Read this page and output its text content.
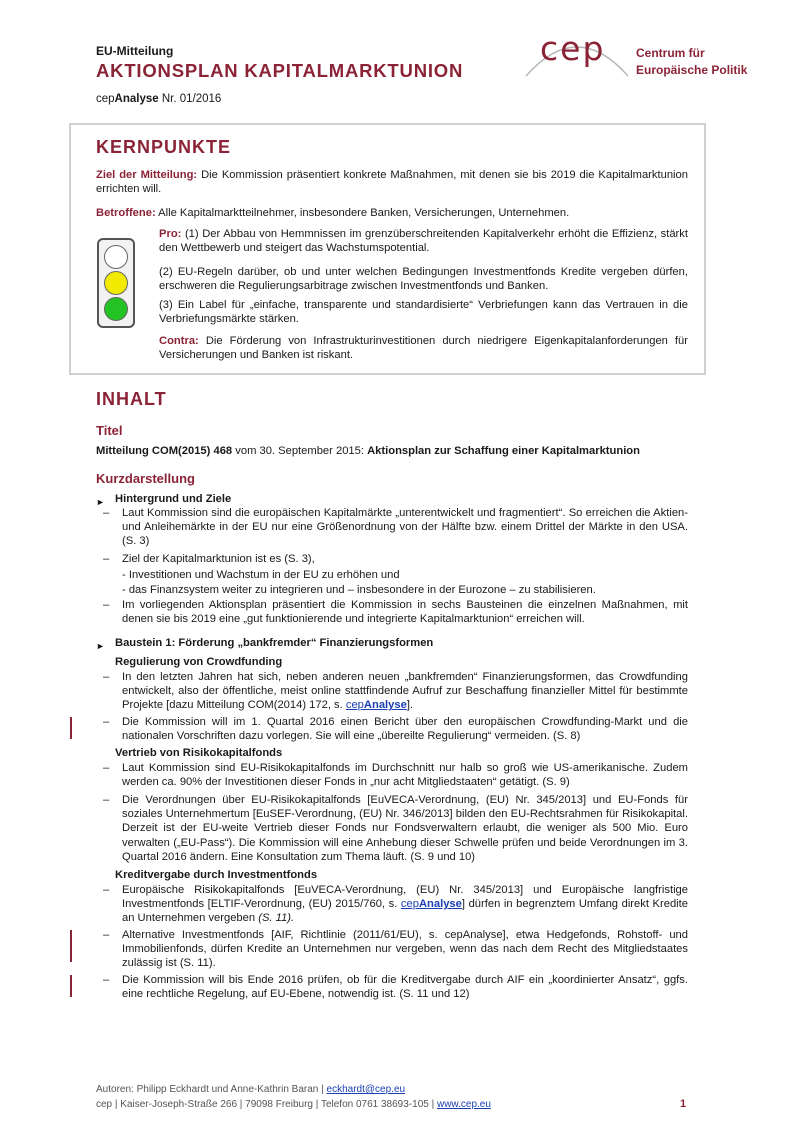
EU-Mitteilung
AKTIONSPLAN KAPITALMARKTUNION
cepAnalyse Nr. 01/2016
cep	Centrum für
Europäische Politik
KERNPUNKTE
Ziel der Mitteilung: Die Kommission präsentiert konkrete Maßnahmen, mit denen sie bis 2019 die Kapitalmarktunion errichten will.
Betroffene: Alle Kapitalmarktteilnehmer, insbesondere Banken, Versicherungen, Unternehmen.
Pro: (1) Der Abbau von Hemmnissen im grenzüberschreitenden Kapitalverkehr erhöht die Effizienz, stärkt den Wettbewerb und steigert das Wachstumspotential.
(2) EU-Regeln darüber, ob und unter welchen Bedingungen Investmentfonds Kredite vergeben dürfen, erschweren die Regulierungsarbitrage zwischen Investmentfonds und Banken.
(3) Ein Label für „einfache, transparente und standardisierte“ Verbriefungen kann das Vertrauen in die Verbriefungsmärkte stärken.
Contra: Die Förderung von Infrastrukturinvestitionen durch niedrigere Eigenkapitalanforderungen für Versicherungen und Banken ist riskant.
INHALT
Titel
Mitteilung COM(2015) 468 vom 30. September 2015: Aktionsplan zur Schaffung einer Kapitalmarktunion
Kurzdarstellung
► Hintergrund und Ziele
– Laut Kommission sind die europäischen Kapitalmärkte „unterentwickelt und fragmentiert“. So erreichen die Aktien- und Anleihemärkte in der EU nur eine Größenordnung von der Hälfte bzw. einem Drittel der Märkte in den USA. (S. 3)
– Ziel der Kapitalmarktunion ist es (S. 3),
- Investitionen und Wachstum in der EU zu erhöhen und
- das Finanzsystem weiter zu integrieren und – insbesondere in der Eurozone – zu stabilisieren.
– Im vorliegenden Aktionsplan präsentiert die Kommission in sechs Bausteinen die einzelnen Maßnahmen, mit denen sie bis 2019 eine „gut funktionierende und integrierte Kapitalmarktunion“ erreichen will.
► Baustein 1: Förderung „bankfremder“ Finanzierungsformen
Regulierung von Crowdfunding
– In den letzten Jahren hat sich, neben anderen neuen „bankfremden“ Finanzierungsformen, das Crowdfunding entwickelt, also der öffentliche, meist online stattfindende Aufruf zur Beschaffung finanzieller Mittel für bestimmte Projekte [dazu Mitteilung COM(2014) 172, s. cepAnalyse].
– Die Kommission will im 1. Quartal 2016 einen Bericht über den europäischen Crowdfunding-Markt und die nationalen Vorschriften dazu vorlegen. Sie will eine „übereilte Regulierung“ vermeiden. (S. 8)
Vertrieb von Risikokapitalfonds
– Laut Kommission sind EU-Risikokapitalfonds im Durchschnitt nur halb so groß wie US-amerikanische. Zudem werden ca. 90% der Investitionen dieser Fonds in „nur acht Mitgliedstaaten“ getätigt. (S. 9)
– Die Verordnungen über EU-Risikokapitalfonds [EuVECA-Verordnung, (EU) Nr. 345/2013] und EU-Fonds für soziales Unternehmertum [EuSEF-Verordnung, (EU) Nr. 346/2013] bilden den EU-Rechtsrahmen für Risikokapital. Derzeit ist der EU-weite Vertrieb dieser Fonds nur Fondsverwaltern erlaubt, die weniger als 500 Mio. Euro verwalten („EU-Pass“). Die Kommission will eine Anhebung dieser Schwelle prüfen und beide Verordnungen im 3. Quartal 2016 ändern. Eine Konsultation zum Thema läuft. (S. 9 und 10)
Kreditvergabe durch Investmentfonds
– Europäische Risikokapitalfonds [EuVECA-Verordnung, (EU) Nr. 345/2013] und Europäische langfristige Investmentfonds [ELTIF-Verordnung, (EU) 2015/760, s. cepAnalyse] dürfen in begrenztem Umfang direkt Kredite an Unternehmen vergeben (S. 11).
– Alternative Investmentfonds [AIF, Richtlinie (2011/61/EU), s. cepAnalyse], etwa Hedgefonds, Rohstoff- und Immobilienfonds, dürfen Kredite an Unternehmen nur vergeben, wenn das nach dem Recht des Mitgliedstaates zulässig ist (S. 11).
– Die Kommission will bis Ende 2016 prüfen, ob für die Kreditvergabe durch AIF ein „koordinierter Ansatz“, ggfs. eine rechtliche Regelung, auf EU-Ebene, notwendig ist. (S. 11 und 12)
Autoren: Philipp Eckhardt und Anne-Kathrin Baran | eckhardt@cep.eu
cep | Kaiser-Joseph-Straße 266 | 79098 Freiburg | Telefon 0761 38693-105 | www.cep.eu	1
